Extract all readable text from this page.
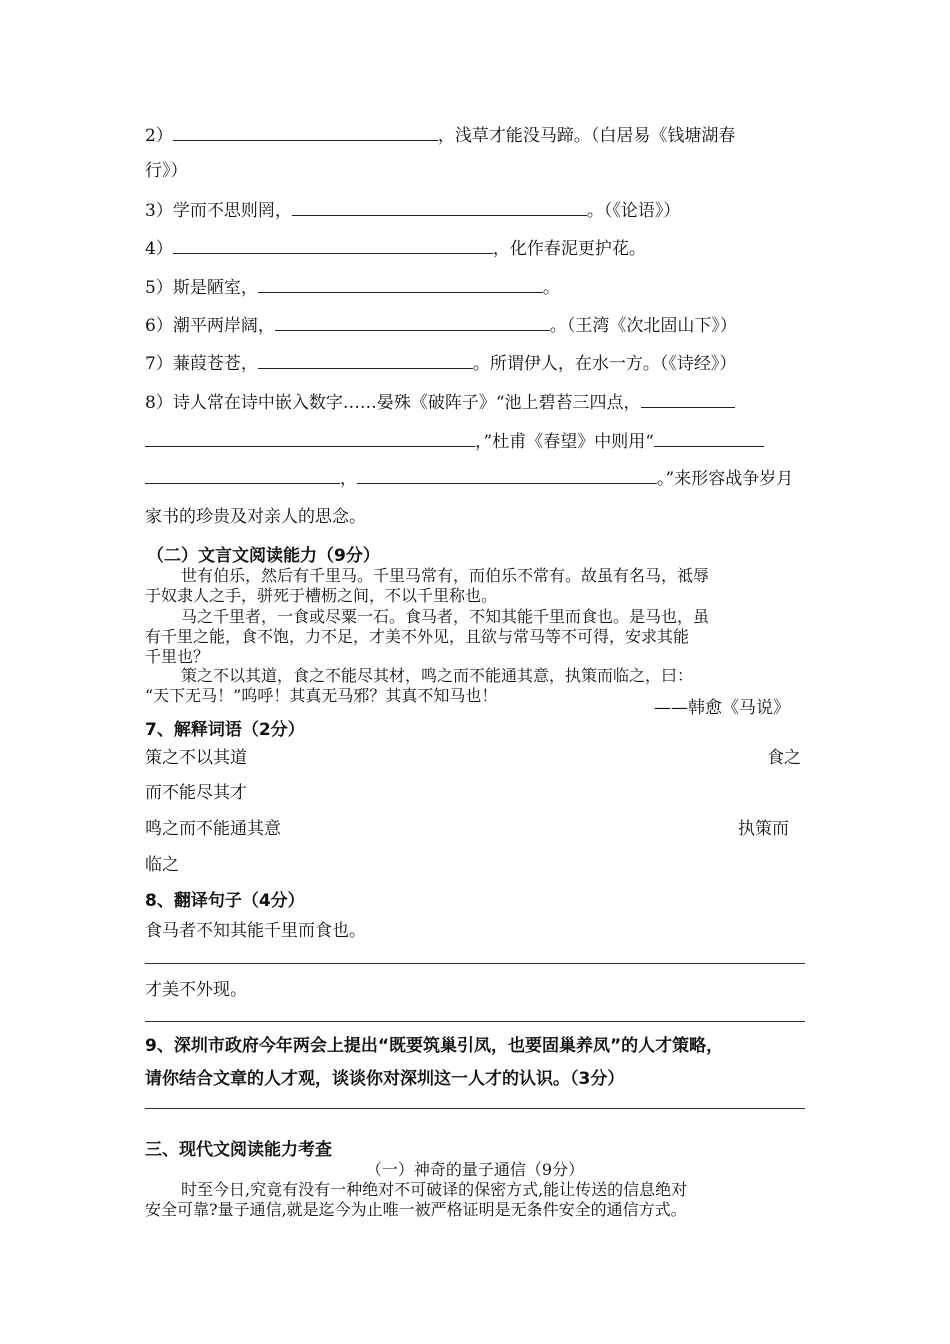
2）	，浅草才能没马蹄。（白居易《钱塘湖春
行》）
3）学而不思则罔，	。（《论语》）
4）	，化作春泥更护花。
5）斯是陋室，	。
6）潮平两岸阔，	。（王湾《次北固山下》）
7）蒹葭苍苍，	。所谓伊人，在水一方。（《诗经》）
8）诗人常在诗中嵌入数字……晏殊《破阵子》“池上碧苔三四点，
，”杜甫《春望》中则用“
，	。”来形容战争岁月
家书的珍贵及对亲人的思念。
（二）文言文阅读能力（9分）
世有伯乐，然后有千里马。千里马常有，而伯乐不常有。故虽有名马，祗辱
于奴隶人之手，骈死于槽枥之间，不以千里称也。
马之千里者，一食或尽粟一石。食马者，不知其能千里而食也。是马也，虽
有千里之能，食不饱，力不足，才美不外见，且欲与常马等不可得，安求其能
千里也？
策之不以其道，食之不能尽其材，鸣之而不能通其意，执策而临之，曰：
“天下无马！”呜呼！其真无马邪？其真不知马也！
——韩愈《马说》
7、解释词语（2分）
策之不以其道	食之
而不能尽其才
鸣之而不能通其意	执策而
临之
8、翻译句子（4分）
食马者不知其能千里而食也。
才美不外现。
9、深圳市政府今年两会上提出“既要筑巢引凤，也要固巢养凤”的人才策略，
请你结合文章的人才观，谈谈你对深圳这一人才的认识。（3分）
三、现代文阅读能力考查
（一）神奇的量子通信（9分）
时至今日,究竟有没有一种绝对不可破译的保密方式,能让传送的信息绝对
安全可靠?量子通信,就是迄今为止唯一被严格证明是无条件安全的通信方式。
